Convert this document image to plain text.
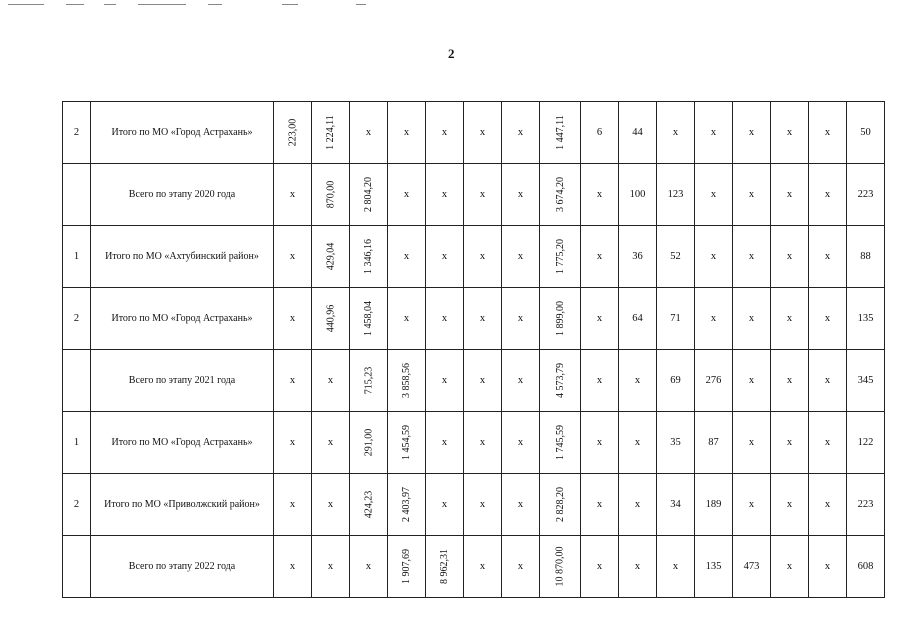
2
2	Итого по МО «Город Астрахань»	223,00	1 224,11	x	x	x	x	x	1 447,11	6	44	x	x	x	x	x	50
	Всего по этапу 2020 года	x	870,00	2 804,20	x	x	x	x	3 674,20	x	100	123	x	x	x	x	223
1	Итого по МО «Ахтубинский район»	x	429,04	1 346,16	x	x	x	x	1 775,20	x	36	52	x	x	x	x	88
2	Итого по МО «Город Астрахань»	x	440,96	1 458,04	x	x	x	x	1 899,00	x	64	71	x	x	x	x	135
	Всего по этапу 2021 года	x	x	715,23	3 858,56	x	x	x	4 573,79	x	x	69	276	x	x	x	345
1	Итого по МО «Город Астрахань»	x	x	291,00	1 454,59	x	x	x	1 745,59	x	x	35	87	x	x	x	122
2	Итого по МО «Приволжский район»	x	x	424,23	2 403,97	x	x	x	2 828,20	x	x	34	189	x	x	x	223
	Всего по этапу 2022 года	x	x	x	1 907,69	8 962,31	x	x	10 870,00	x	x	x	135	473	x	x	608
